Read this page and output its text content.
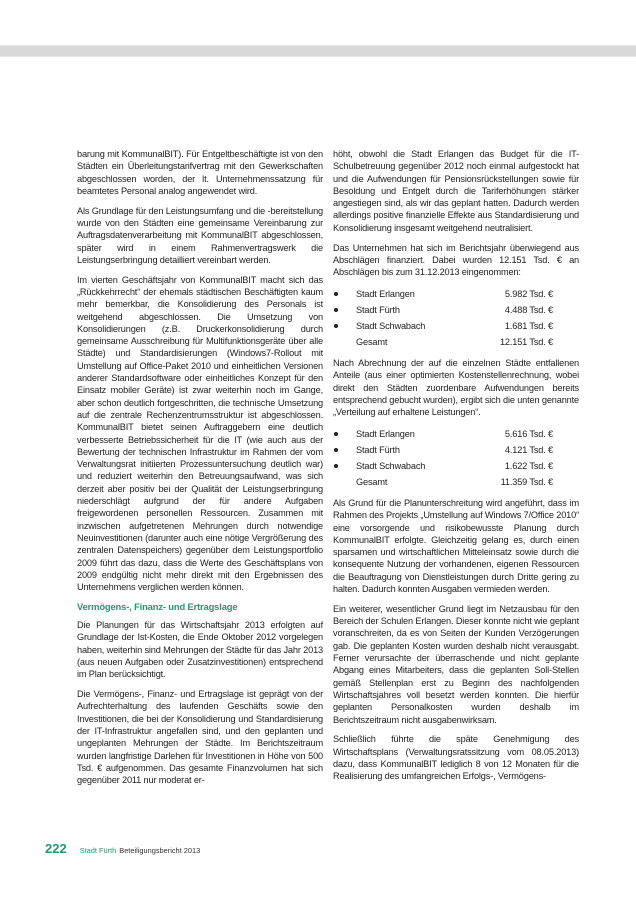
barung mit KommunalBIT). Für Entgeltbeschäftigte ist von den Städten ein Überleitungstarifvertrag mit den Gewerkschaften abgeschlossen worden, der lt. Unternehmenssatzung für beamtetes Personal analog angewendet wird.

Als Grundlage für den Leistungsumfang und die -bereitstellung wurde von den Städten eine gemeinsame Vereinbarung zur Auftragsdatenverarbeitung mit KommunalBIT abgeschlossen, später wird in einem Rahmenvertragswerk die Leistungserbringung detailliert vereinbart werden.

Im vierten Geschäftsjahr von KommunalBIT macht sich das „Rückkehrrecht“ der ehemals städtischen Beschäftigten kaum mehr bemerkbar, die Konsolidierung des Personals ist weitgehend abgeschlossen. Die Umsetzung von Konsolidierungen (z.B. Druckerkonsolidierung durch gemeinsame Ausschreibung für Multifunktionsgeräte über alle Städte) und Standardisierungen (Windows7-Rollout mit Umstellung auf Office-Paket 2010 und einheitlichen Versionen anderer Standardsoftware oder einheitliches Konzept für den Einsatz mobiler Geräte) ist zwar weiterhin noch im Gange, aber schon deutlich fortgeschritten, die technische Umsetzung auf die zentrale Rechenzentrumsstruktur ist abgeschlossen. KommunalBIT bietet seinen Auftraggebern eine deutlich verbesserte Betriebssicherheit für die IT (wie auch aus der Bewertung der technischen Infrastruktur im Rahmen der vom Verwaltungsrat initiierten Prozessuntersuchung deutlich war) und reduziert weiterhin den Betreuungsaufwand, was sich derzeit aber positiv bei der Qualität der Leistungserbringung niederschlägt aufgrund der für andere Aufgaben freigewordenen personellen Ressourcen. Zusammen mit inzwischen aufgetretenen Mehrungen durch notwendige Neuinvestitionen (darunter auch eine nötige Vergrößerung des zentralen Datenspeichers) gegenüber dem Leistungsportfolio 2009 führt das dazu, dass die Werte des Geschäftsplans von 2009 endgültig nicht mehr direkt mit den Ergebnissen des Unternehmens verglichen werden können.

Vermögens-, Finanz- und Ertragslage

Die Planungen für das Wirtschaftsjahr 2013 erfolgten auf Grundlage der Ist-Kosten, die Ende Oktober 2012 vorgelegen haben, weiterhin sind Mehrungen der Städte für das Jahr 2013 (aus neuen Aufgaben oder Zusatzinvestitionen) entsprechend im Plan berücksichtigt.

Die Vermögens-, Finanz- und Ertragslage ist geprägt von der Aufrechterhaltung des laufenden Geschäfts sowie den Investitionen, die bei der Konsolidierung und Standardisierung der IT-Infrastruktur angefallen sind, und den geplanten und ungeplanten Mehrungen der Städte. Im Berichtszeitraum wurden langfristige Darlehen für Investitionen in Höhe von 500 Tsd. € aufgenommen. Das gesamte Finanzvolumen hat sich gegenüber 2011 nur moderat er-

höht, obwohl die Stadt Erlangen das Budget für die IT-Schulbetreuung gegenüber 2012 noch einmal aufgestockt hat und die Aufwendungen für Pensionsrückstellungen sowie für Besoldung und Entgelt durch die Tariferhöhungen stärker angestiegen sind, als wir das geplant hatten. Dadurch werden allerdings positive finanzielle Effekte aus Standardisierung und Konsolidierung insgesamt weitgehend neutralisiert.

Das Unternehmen hat sich im Berichtsjahr überwiegend aus Abschlägen finanziert. Dabei wurden 12.151 Tsd. € an Abschlägen bis zum 31.12.2013 eingenommen:

Stadt Erlangen	5.982 Tsd. €
Stadt Fürth	4.488 Tsd. €
Stadt Schwabach	1.681 Tsd. €
Gesamt	12.151 Tsd. €

Nach Abrechnung der auf die einzelnen Städte entfallenen Anteile (aus einer optimierten Kostenstellenrechnung, wobei direkt den Städten zuordenbare Aufwendungen bereits entsprechend gebucht wurden), ergibt sich die unten genannte „Verteilung auf erhaltene Leistungen“.

Stadt Erlangen	5.616 Tsd. €
Stadt Fürth	4.121 Tsd. €
Stadt Schwabach	1.622 Tsd. €
Gesamt	11.359 Tsd. €

Als Grund für die Planunterschreitung wird angeführt, dass im Rahmen des Projekts „Umstellung auf Windows 7/Office 2010“ eine vorsorgende und risikobewusste Planung durch KommunalBIT erfolgte. Gleichzeitig gelang es, durch einen sparsamen und wirtschaftlichen Mitteleinsatz sowie durch die konsequente Nutzung der vorhandenen, eigenen Ressourcen die Beauftragung von Dienstleistungen durch Dritte gering zu halten. Dadurch konnten Ausgaben vermieden werden.

Ein weiterer, wesentlicher Grund liegt im Netzausbau für den Bereich der Schulen Erlangen. Dieser konnte nicht wie geplant voranschreiten, da es von Seiten der Kunden Verzögerungen gab. Die geplanten Kosten wurden deshalb nicht verausgabt. Ferner verursachte der überraschende und nicht geplante Abgang eines Mitarbeiters, dass die geplanten Soll-Stellen gemäß Stellenplan erst zu Beginn des nachfolgenden Wirtschaftsjahres voll besetzt werden konnten. Die hierfür geplanten Personalkosten wurden deshalb im Berichtszeitraum nicht ausgabenwirksam.

Schließlich führte die späte Genehmigung des Wirtschaftsplans (Verwaltungsratssitzung vom 08.05.2013) dazu, dass KommunalBIT lediglich 8 von 12 Monaten für die Realisierung des umfangreichen Erfolgs-, Vermögens-

222 Stadt Fürth Beteiligungsbericht 2013
